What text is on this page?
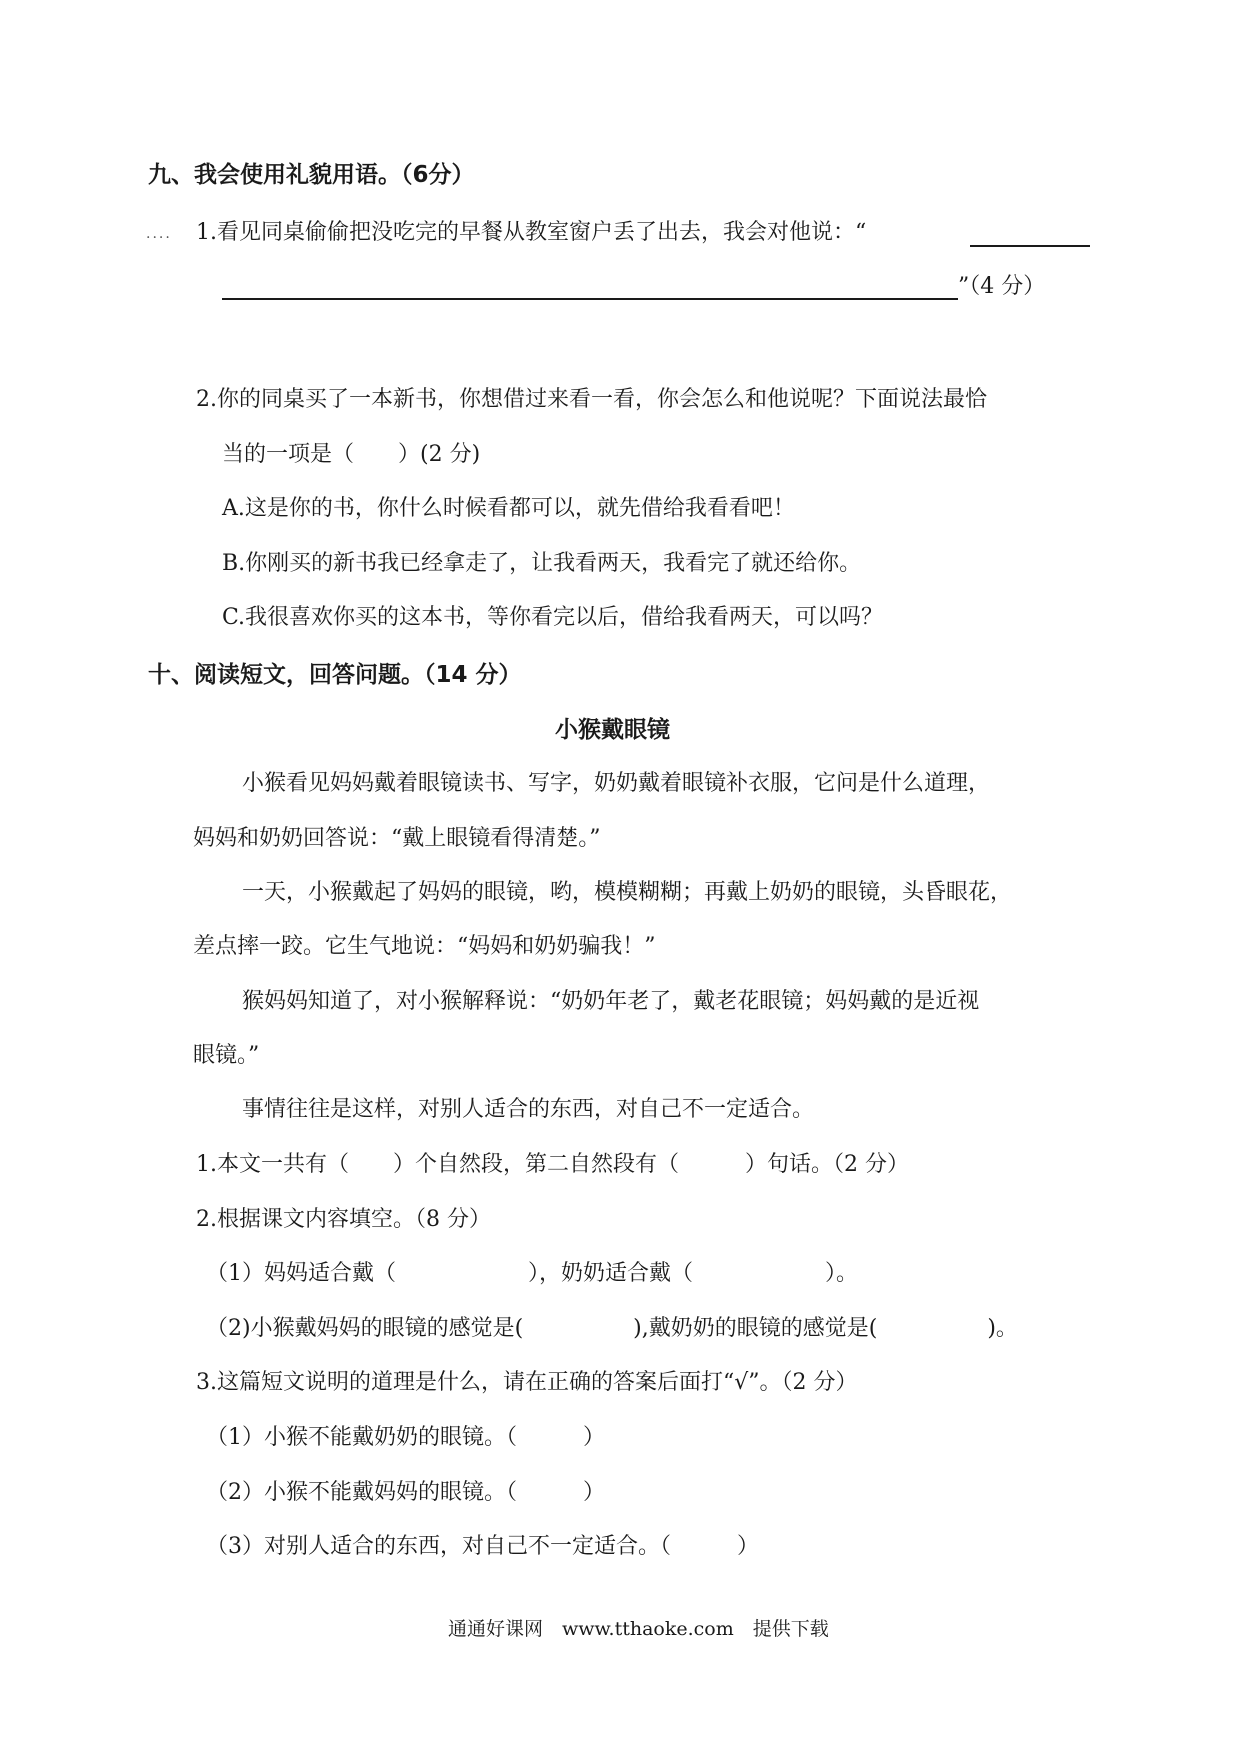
九、我会使用礼貌用语。（6分）
.... 1.看见同桌偷偷把没吃完的早餐从教室窗户丢了出去，我会对他说：“
”（4 分）
2.你的同桌买了一本新书，你想借过来看一看，你会怎么和他说呢？下面说法最恰
当的一项是（　　）(2 分)
A.这是你的书，你什么时候看都可以，就先借给我看看吧！
B.你刚买的新书我已经拿走了，让我看两天，我看完了就还给你。
C.我很喜欢你买的这本书，等你看完以后，借给我看两天，可以吗？
十、阅读短文，回答问题。（14 分）
小猴戴眼镜
小猴看见妈妈戴着眼镜读书、写字，奶奶戴着眼镜补衣服，它问是什么道理，
妈妈和奶奶回答说：“戴上眼镜看得清楚。”
一天，小猴戴起了妈妈的眼镜，哟，模模糊糊；再戴上奶奶的眼镜，头昏眼花，
差点摔一跤。它生气地说：“妈妈和奶奶骗我！”
猴妈妈知道了，对小猴解释说：“奶奶年老了，戴老花眼镜；妈妈戴的是近视
眼镜。”
事情往往是这样，对别人适合的东西，对自己不一定适合。
1.本文一共有（　　）个自然段，第二自然段有（　　　）句话。（2 分）
2.根据课文内容填空。（8 分）
（1）妈妈适合戴（　　　　　　），奶奶适合戴（　　　　　　）。
（2)小猴戴妈妈的眼镜的感觉是(　　　　　),戴奶奶的眼镜的感觉是(　　　　　)。
3.这篇短文说明的道理是什么，请在正确的答案后面打“√”。（2 分）
（1）小猴不能戴奶奶的眼镜。（　　　）
（2）小猴不能戴妈妈的眼镜。（　　　）
（3）对别人适合的东西，对自己不一定适合。（　　　）
通通好课网　www.tthaoke.com　提供下载
